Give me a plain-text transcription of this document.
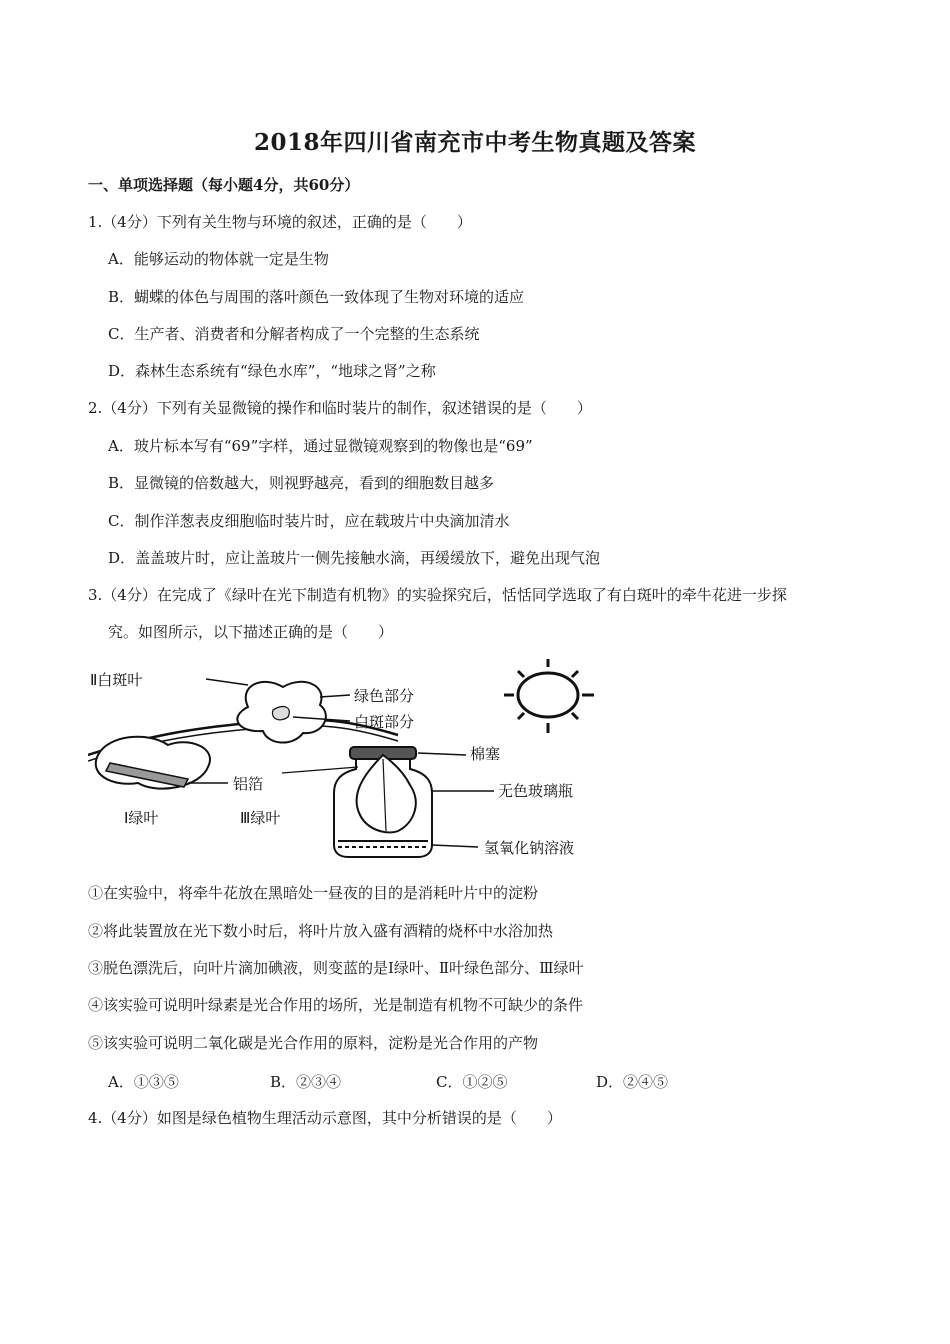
2018年四川省南充市中考生物真题及答案
一、单项选择题（每小题4分，共60分）
1.（4分）下列有关生物与环境的叙述，正确的是（　　）
A．能够运动的物体就一定是生物
B．蝴蝶的体色与周围的落叶颜色一致体现了生物对环境的适应
C．生产者、消费者和分解者构成了一个完整的生态系统
D．森林生态系统有“绿色水库”，“地球之肾”之称
2.（4分）下列有关显微镜的操作和临时装片的制作，叙述错误的是（　　）
A．玻片标本写有“69”字样，通过显微镜观察到的物像也是“69”
B．显微镜的倍数越大，则视野越亮，看到的细胞数目越多
C．制作洋葱表皮细胞临时装片时，应在载玻片中央滴加清水
D．盖盖玻片时，应让盖玻片一侧先接触水滴，再缓缓放下，避免出现气泡
3.（4分）在完成了《绿叶在光下制造有机物》的实验探究后，恬恬同学选取了有白斑叶的牵牛花进一步探
究。如图所示，以下描述正确的是（　　）
Ⅱ白斑叶
绿色部分
白斑部分
铝箔
Ⅰ绿叶	Ⅲ绿叶
棉塞
无色玻璃瓶
氢氧化钠溶液
①在实验中，将牵牛花放在黑暗处一昼夜的目的是消耗叶片中的淀粉
②将此装置放在光下数小时后，将叶片放入盛有酒精的烧杯中水浴加热
③脱色漂洗后，向叶片滴加碘液，则变蓝的是Ⅰ绿叶、Ⅱ叶绿色部分、Ⅲ绿叶
④该实验可说明叶绿素是光合作用的场所，光是制造有机物不可缺少的条件
⑤该实验可说明二氧化碳是光合作用的原料，淀粉是光合作用的产物
A．①③⑤	B．②③④	C．①②⑤	D．②④⑤
4.（4分）如图是绿色植物生理活动示意图，其中分析错误的是（　　）
